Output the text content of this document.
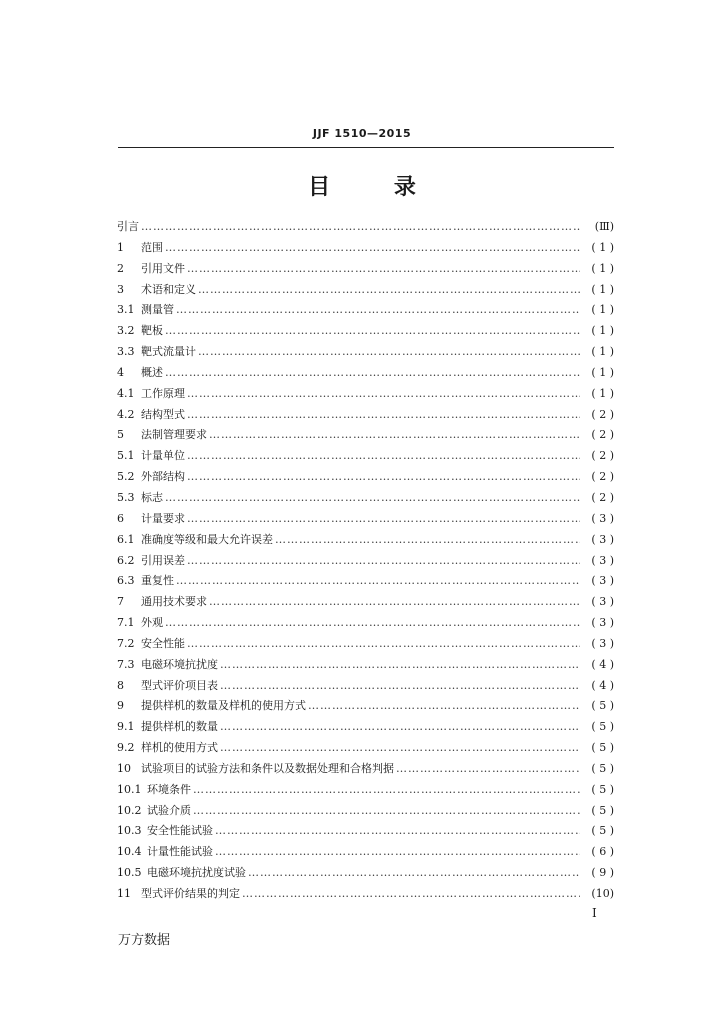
JJF 1510—2015
目 录
引言 ……………………………………………………………………………………………………………………………………………………………………	(Ⅲ)
1	范围 ……………………………………………………………………………………………………………………………………………………………………	( 1 )
2	引用文件 ……………………………………………………………………………………………………………………………………………………………………	( 1 )
3	术语和定义 ……………………………………………………………………………………………………………………………………………………………………	( 1 )
3.1 测量管 ……………………………………………………………………………………………………………………………………………………………………	( 1 )
3.2 靶板 ……………………………………………………………………………………………………………………………………………………………………	( 1 )
3.3 靶式流量计 ……………………………………………………………………………………………………………………………………………………………………	( 1 )
4	概述 ……………………………………………………………………………………………………………………………………………………………………	( 1 )
4.1 工作原理 ……………………………………………………………………………………………………………………………………………………………………	( 1 )
4.2 结构型式 ……………………………………………………………………………………………………………………………………………………………………	( 2 )
5	法制管理要求 ……………………………………………………………………………………………………………………………………………………………………	( 2 )
5.1 计量单位 ……………………………………………………………………………………………………………………………………………………………………	( 2 )
5.2 外部结构 ……………………………………………………………………………………………………………………………………………………………………	( 2 )
5.3 标志 ……………………………………………………………………………………………………………………………………………………………………	( 2 )
6	计量要求 ……………………………………………………………………………………………………………………………………………………………………	( 3 )
6.1 准确度等级和最大允许误差 ……………………………………………………………………………………………………………………………………………………………………	( 3 )
6.2 引用误差 ……………………………………………………………………………………………………………………………………………………………………	( 3 )
6.3 重复性 ……………………………………………………………………………………………………………………………………………………………………	( 3 )
7	通用技术要求 ……………………………………………………………………………………………………………………………………………………………………	( 3 )
7.1 外观 ……………………………………………………………………………………………………………………………………………………………………	( 3 )
7.2 安全性能 ……………………………………………………………………………………………………………………………………………………………………	( 3 )
7.3 电磁环境抗扰度 ……………………………………………………………………………………………………………………………………………………………………	( 4 )
8	型式评价项目表 ……………………………………………………………………………………………………………………………………………………………………	( 4 )
9	提供样机的数量及样机的使用方式 ……………………………………………………………………………………………………………………………………………………………………	( 5 )
9.1 提供样机的数量 ……………………………………………………………………………………………………………………………………………………………………	( 5 )
9.2 样机的使用方式 ……………………………………………………………………………………………………………………………………………………………………	( 5 )
10 试验项目的试验方法和条件以及数据处理和合格判据 ……………………………………………………………………………………………………………………………………………………………………	( 5 )
10.1 环境条件 ……………………………………………………………………………………………………………………………………………………………………	( 5 )
10.2 试验介质 ……………………………………………………………………………………………………………………………………………………………………	( 5 )
10.3 安全性能试验 ……………………………………………………………………………………………………………………………………………………………………	( 5 )
10.4 计量性能试验 ……………………………………………………………………………………………………………………………………………………………………	( 6 )
10.5 电磁环境抗扰度试验 ……………………………………………………………………………………………………………………………………………………………………	( 9 )
11 型式评价结果的判定 ……………………………………………………………………………………………………………………………………………………………………	(10)
I
万方数据
